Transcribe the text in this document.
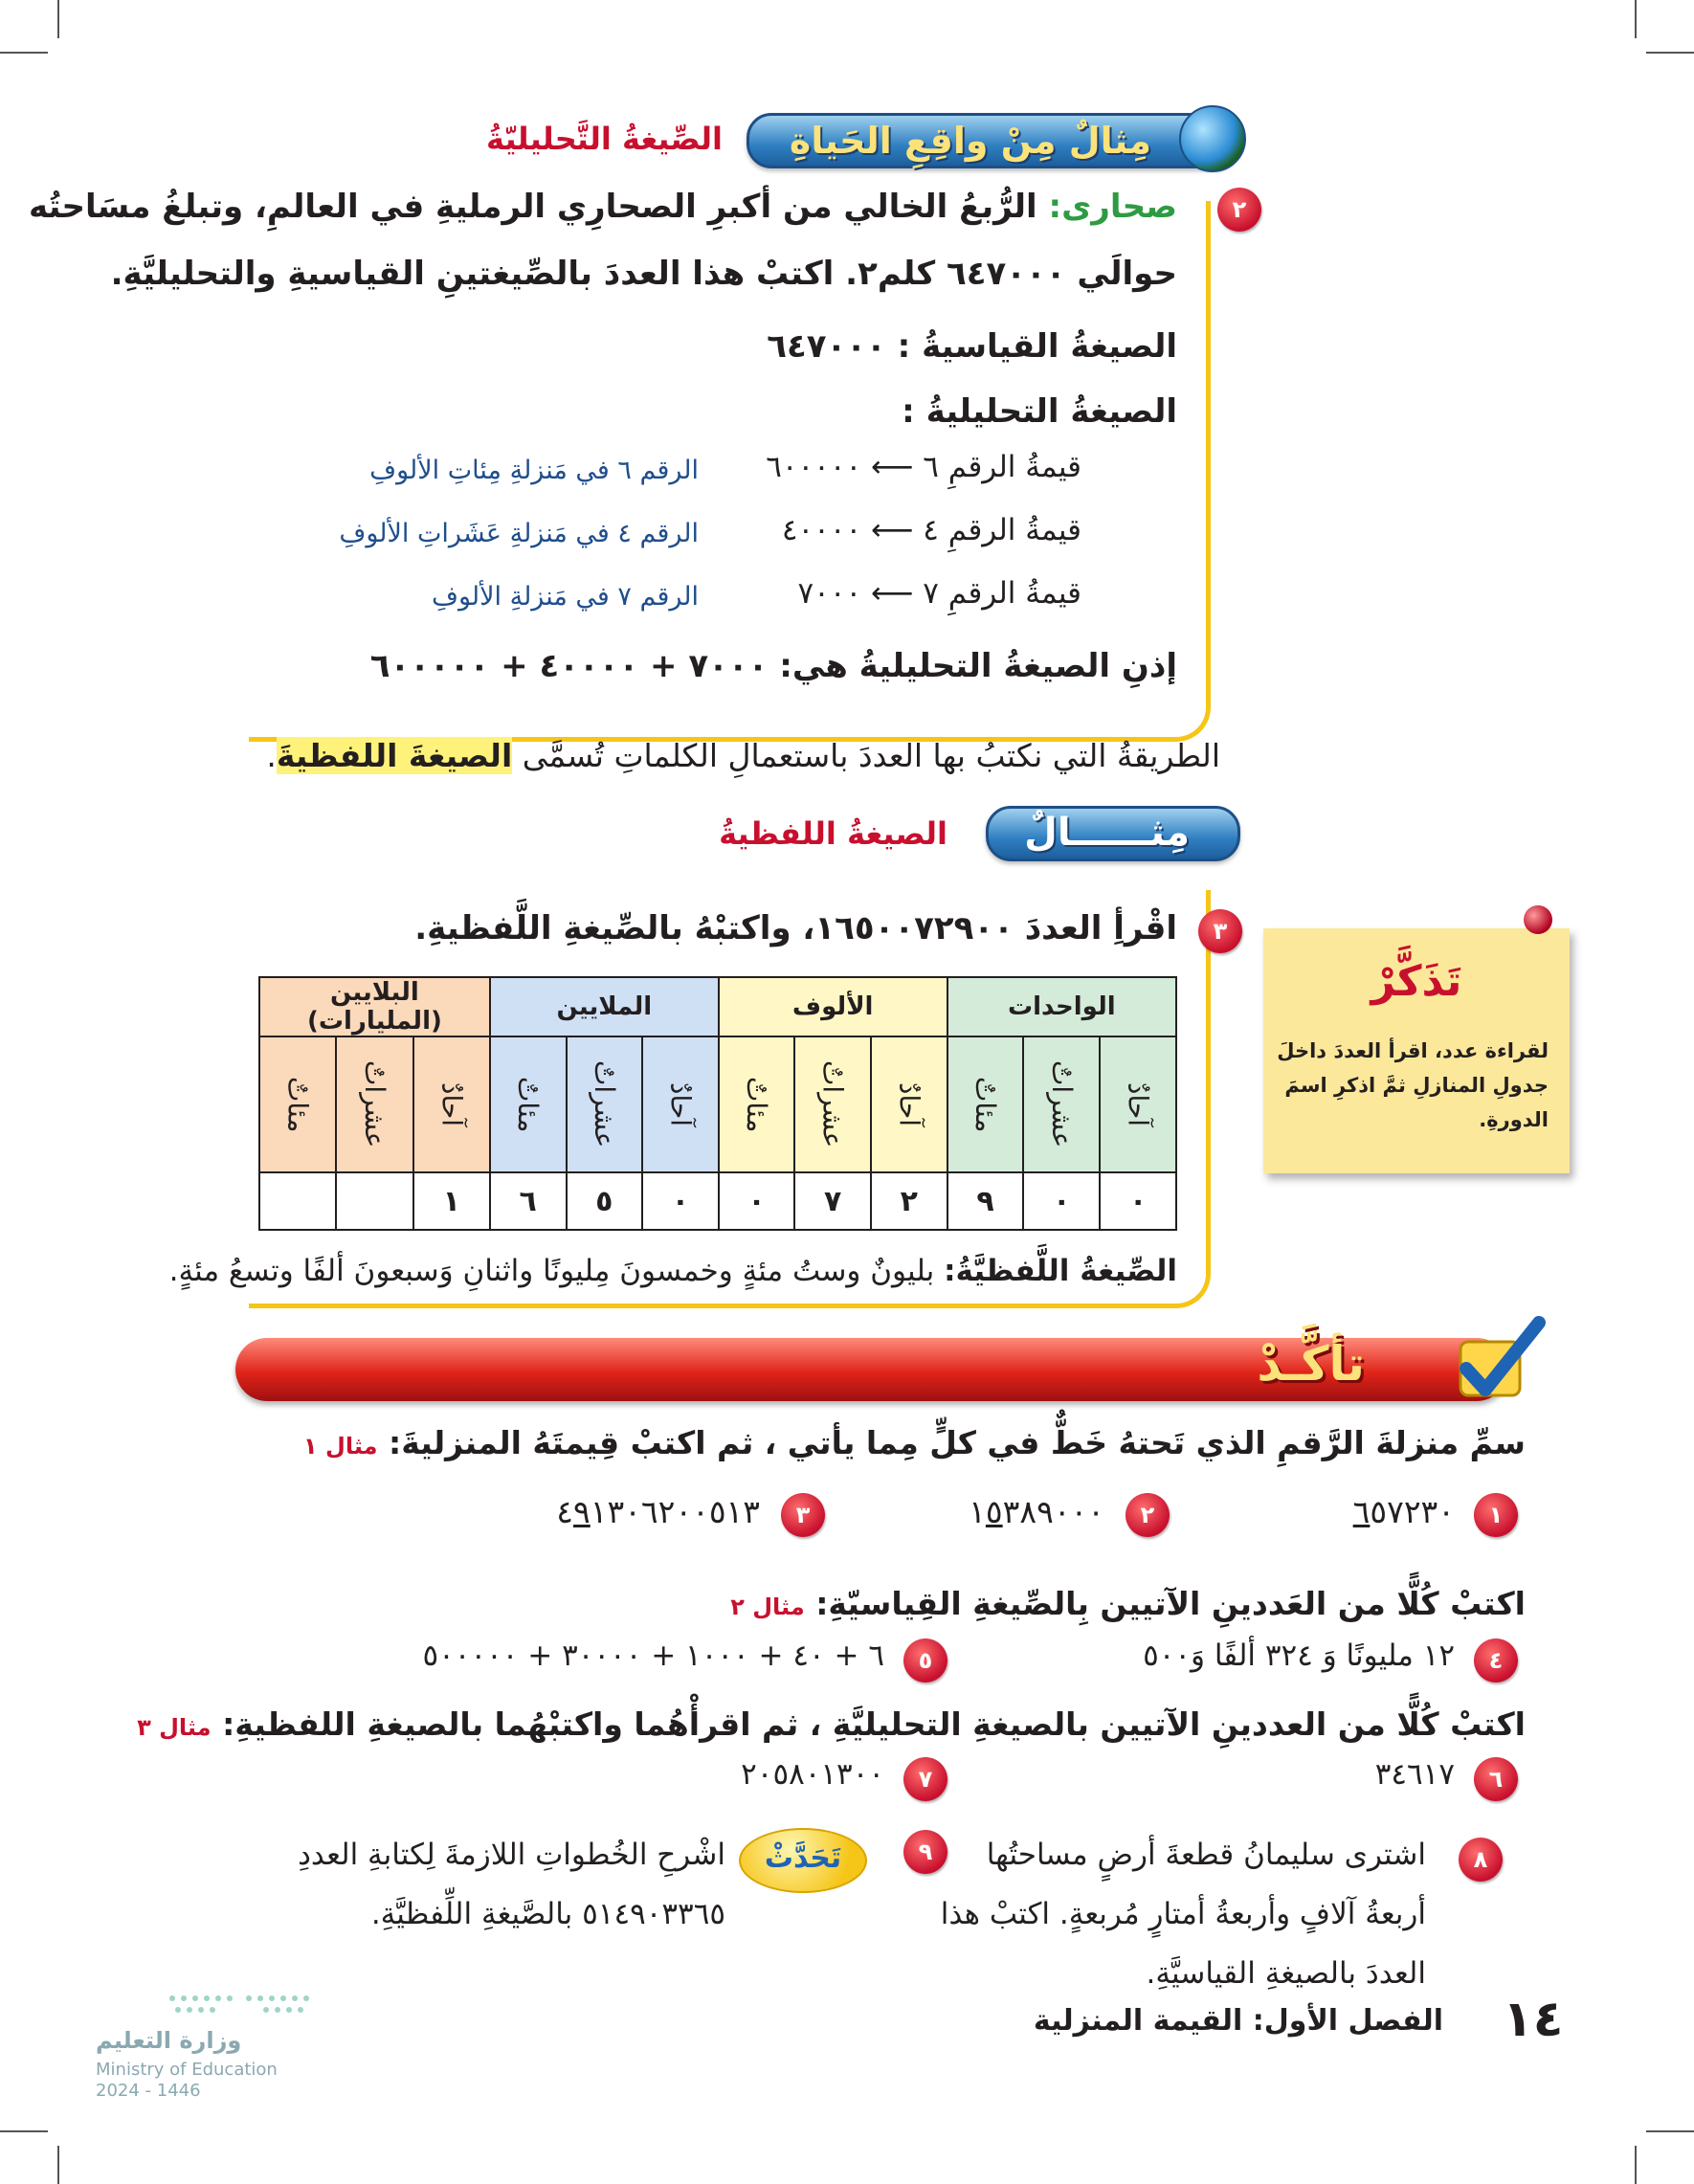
مِثالٌ مِنْ واقِعِ الحَياةِ
الصِّيغةُ التَّحليليّةُ
٢
صحارى: الرُّبعُ الخالي من أكبرِ الصحارِي الرمليةِ في العالمِ، وتبلغُ مسَاحتُه
حوالَي ٦٤٧٠٠٠ كلم٢. اكتبْ هذا العددَ بالصِّيغتينِ القياسيةِ والتحليليَّةِ.
الصيغةُ القياسيةُ : ٦٤٧٠٠٠
الصيغةُ التحليليةُ :
قيمةُ الرقمِ ٦ ⟵ ٦٠٠٠٠٠
الرقم ٦ في مَنزلةِ مِئاتِ الألوفِ
قيمةُ الرقمِ ٤ ⟵ ٤٠٠٠٠
الرقم ٤ في مَنزلةِ عَشَراتِ الألوفِ
قيمةُ الرقمِ ٧ ⟵ ٧٠٠٠
الرقم ٧ في مَنزلةِ الألوفِ
إذنِ الصيغةُ التحليليةُ هي: ٧٠٠٠ + ٤٠٠٠٠ + ٦٠٠٠٠٠
الطريقةُ التي نكتبُ بها العددَ باستعمالِ الكلماتِ تُسمَّى الصيغةَ اللفظيةَ.
مِثــــــالٌ
الصيغةُ اللفظيةُ
٣
اقْرأِ العددَ ١٦٥٠٠٧٢٩٠٠، واكتبْهُ بالصِّيغةِ اللَّفظيةِ.
الواحدات			الألوف			الملايين			البلايين (المليارات)		
آحادٌ	عشراتٌ	مئاتٌ	آحادٌ	عشراتٌ	مئاتٌ	آحادٌ	عشراتٌ	مئاتٌ	آحادٌ	عشراتٌ	مئاتٌ
٠	٠	٩	٢	٧	٠	٠	٥	٦	١		
الصِّيغةُ اللَّفظيَّةُ: بليونٌ وستُ مئةٍ وخمسونَ مِليونًا واثنانِ وَسبعونَ ألفًا وتسعُ مئةٍ.
تَذَكَّرْ
لقراءة عدد، اقرأ العددَ داخلَ
جدولِ المنازلِ ثمَّ اذكرِ اسمَ
الدورةِ.
تأكَّـدْ
سمِّ منزلةَ الرَّقمِ الذي تَحتهُ خَطٌّ في كلٍّ مِما يأتي ، ثم اكتبْ قِيمتَهُ المنزليةَ: مثال ١
١
٦٥٧٢٣٠
٢
١٥٣٨٩٠٠٠
٣
٤٩١٣٠٦٢٠٠٥١٣
اكتبْ كُلًّا من العَددينِ الآتيين بِالصِّيغةِ القِياسيّةِ: مثال ٢
٤
١٢ مليونًا وَ ٣٢٤ ألفًا وَ٥٠٠
٥
٦ + ٤٠ + ١٠٠٠ + ٣٠٠٠٠ + ٥٠٠٠٠٠
اكتبْ كُلًّا من العددينِ الآتيين بالصيغةِ التحليليَّةِ ، ثم اقرأْهُما واكتبْهُما بالصيغةِ اللفظيةِ: مثال ٣
٦
٣٤٦١٧
٧
٢٠٥٨٠١٣٠٠
٨
اشترى سليمانُ قطعةَ أرضٍ مساحتُها
أربعةُ آلافٍ وأربعةُ أمتارٍ مُربعةٍ. اكتبْ هذا
العددَ بالصيغةِ القياسيَّةِ.
٩
تَحَدَّثْ
اشْرحِ الخُطواتِ اللازمةَ لِكتابةِ العددِ
٥١٤٩٠٣٣٦٥ بالصَّيغةِ اللِّفظيَّةِ.
١٤
الفصل الأول: القيمة المنزلية
وزارة التعليم
Ministry of Education
2024 - 1446
